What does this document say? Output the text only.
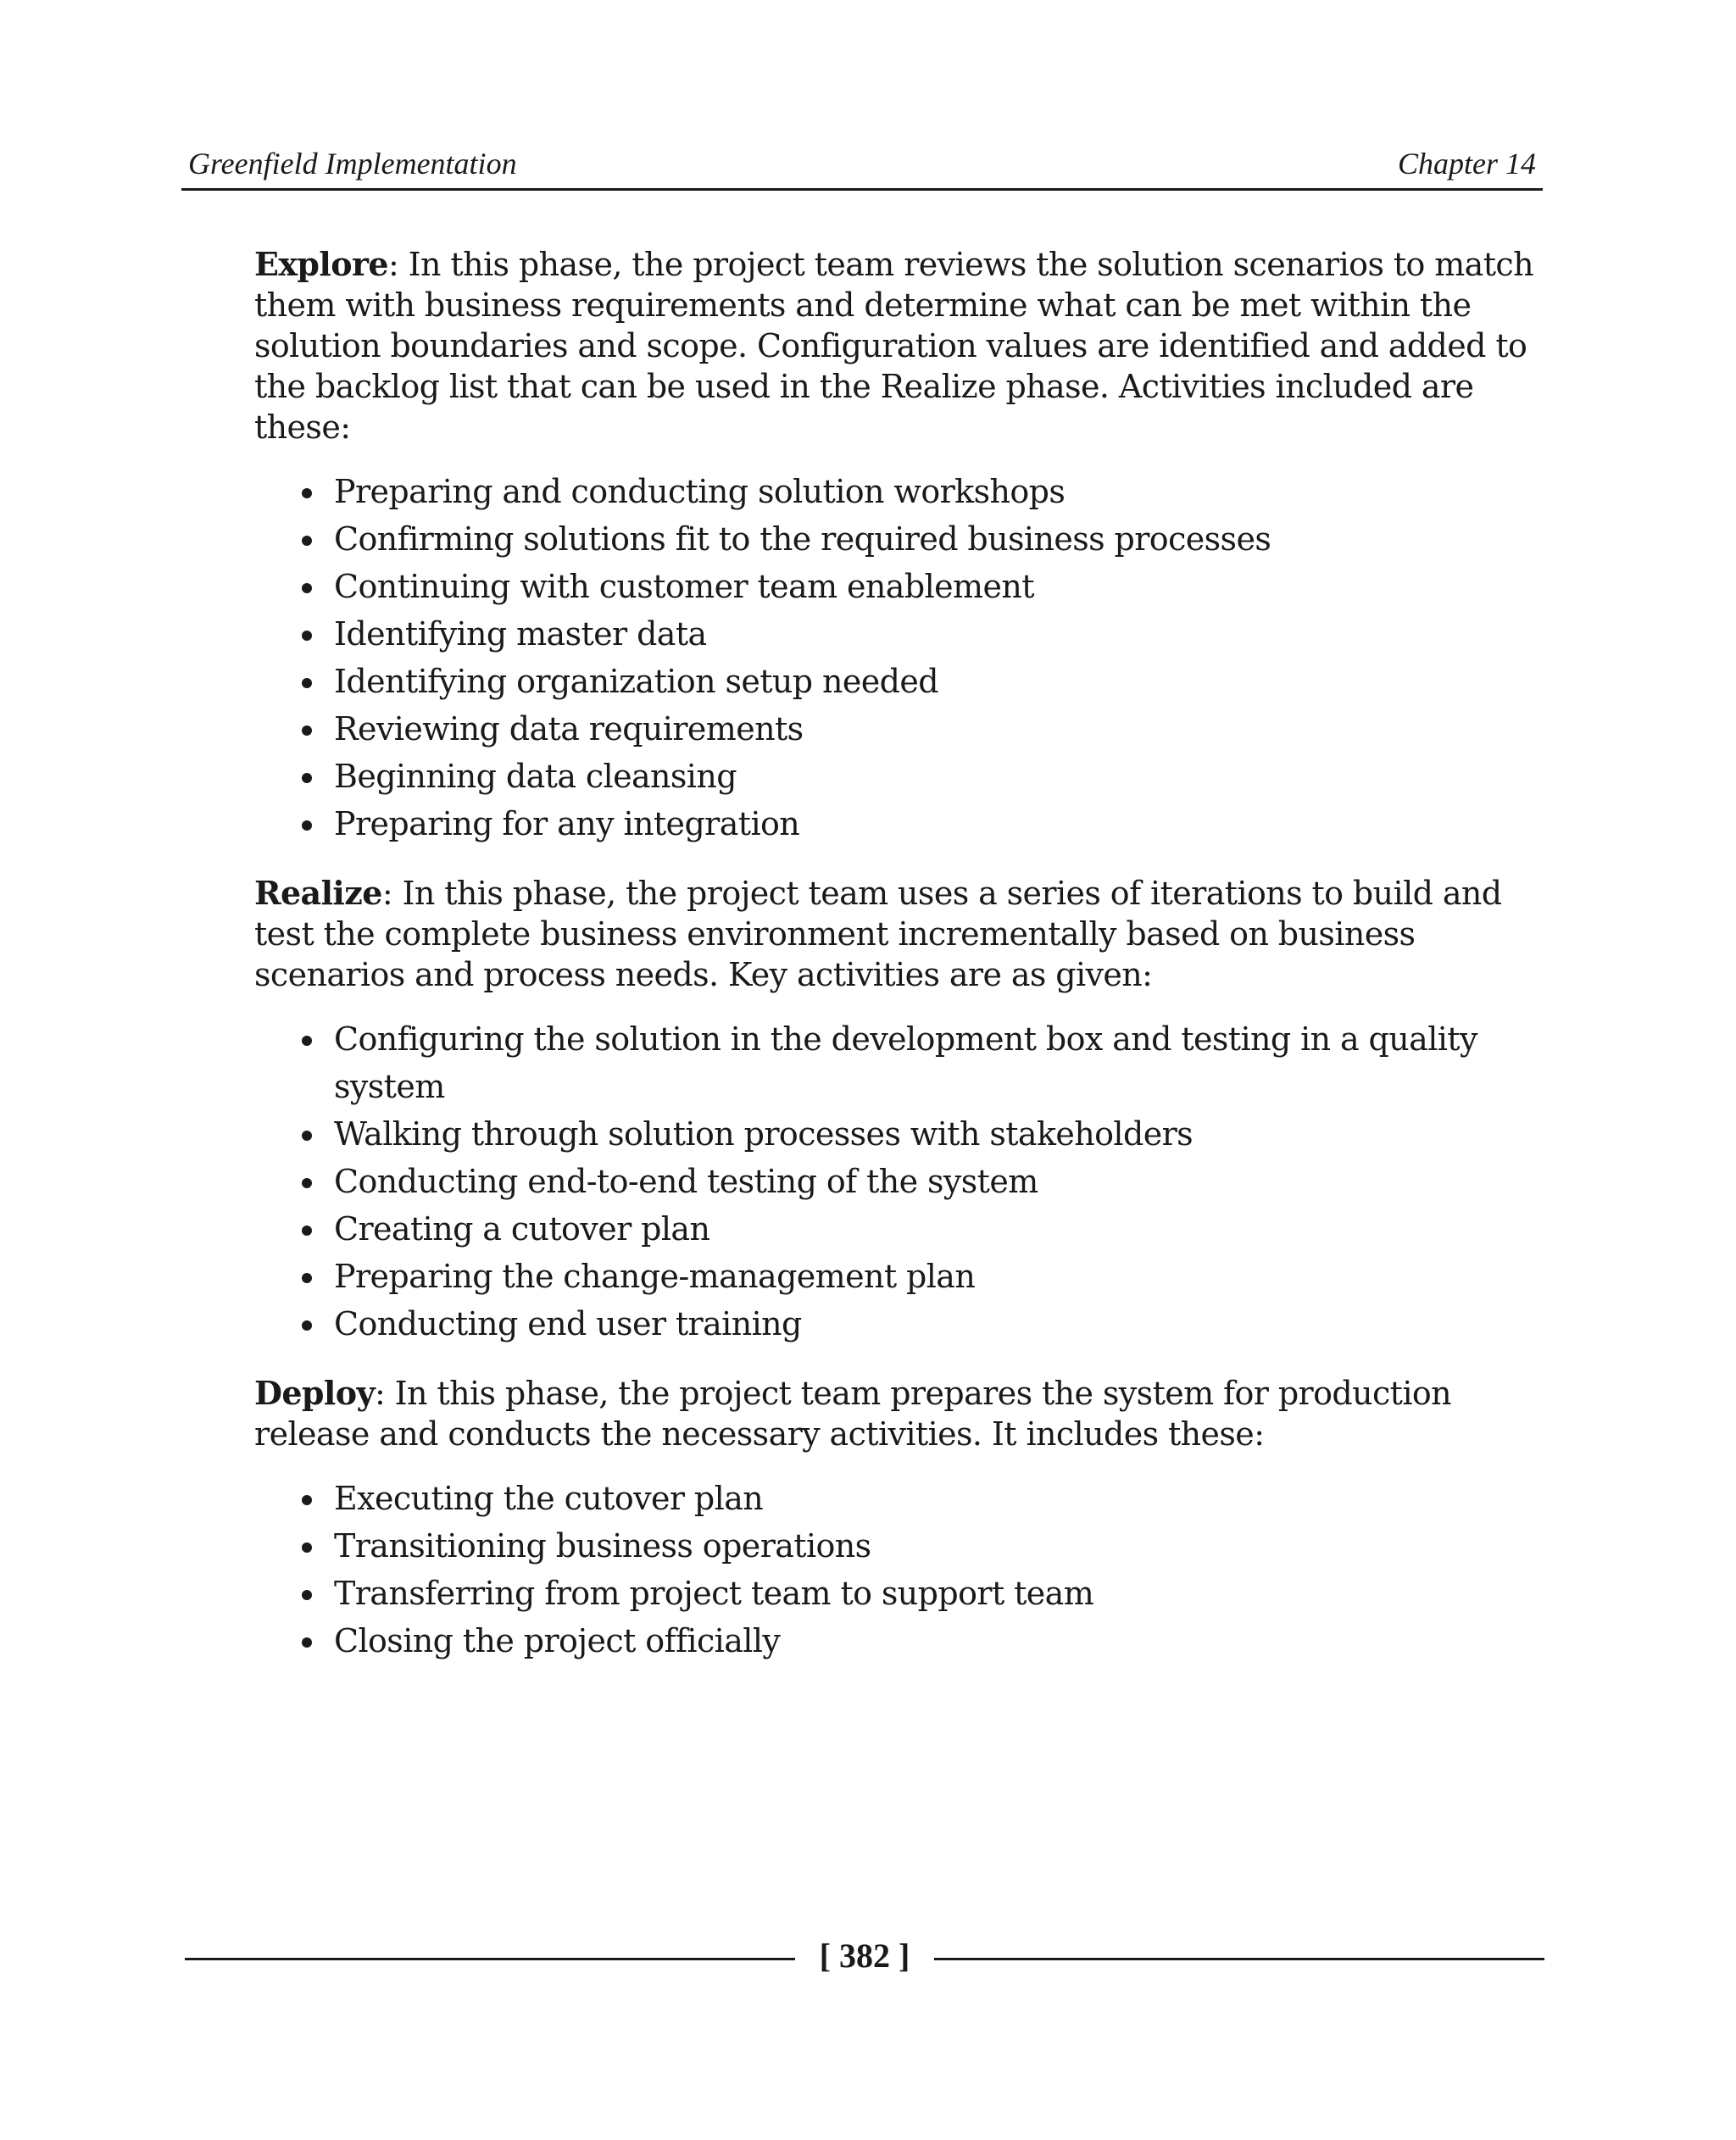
Greenfield Implementation	Chapter 14

Explore: In this phase, the project team reviews the solution scenarios to match them with business requirements and determine what can be met within the solution boundaries and scope. Configuration values are identified and added to the backlog list that can be used in the Realize phase. Activities included are these:

Preparing and conducting solution workshops
Confirming solutions fit to the required business processes
Continuing with customer team enablement
Identifying master data
Identifying organization setup needed
Reviewing data requirements
Beginning data cleansing
Preparing for any integration

Realize: In this phase, the project team uses a series of iterations to build and test the complete business environment incrementally based on business scenarios and process needs. Key activities are as given:

Configuring the solution in the development box and testing in a quality system
Walking through solution processes with stakeholders
Conducting end-to-end testing of the system
Creating a cutover plan
Preparing the change-management plan
Conducting end user training

Deploy: In this phase, the project team prepares the system for production release and conducts the necessary activities. It includes these:

Executing the cutover plan
Transitioning business operations
Transferring from project team to support team
Closing the project officially
[ 382 ]
